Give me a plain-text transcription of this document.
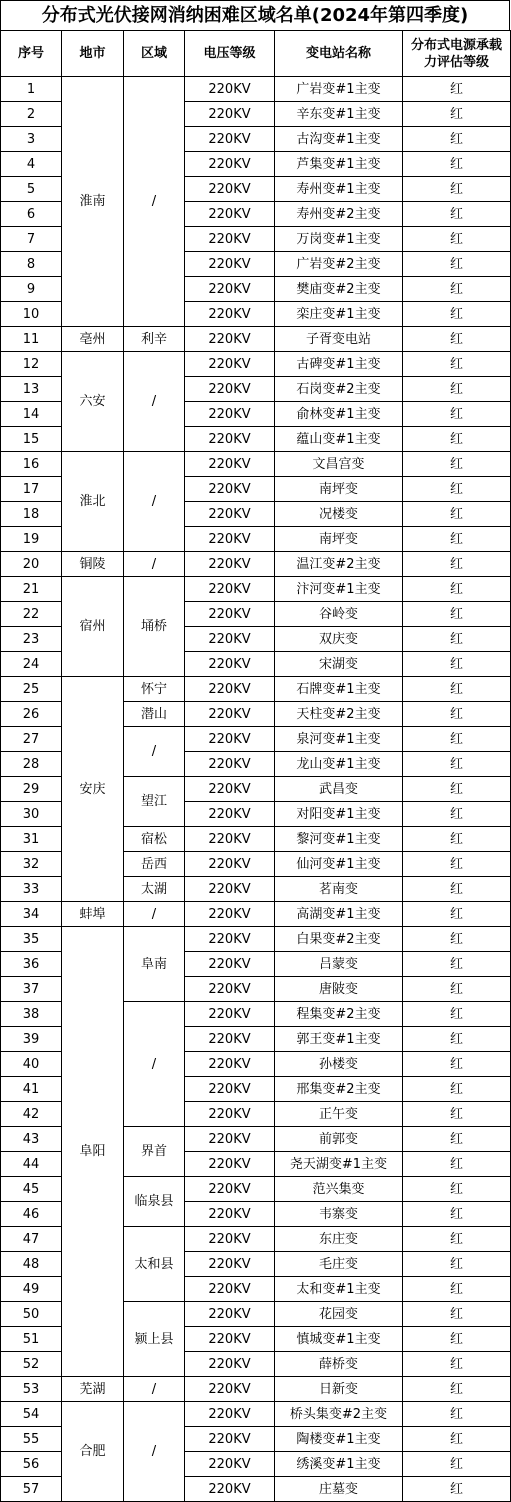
分布式光伏接网消纳困难区域名单(2024年第四季度)
序号	地市	区域	电压等级	变电站名称	分布式电源承载力评估等级
1	淮南	/	220KV	广岩变#1主变	红
2			220KV	辛东变#1主变	红
3			220KV	古沟变#1主变	红
4			220KV	芦集变#1主变	红
5			220KV	寿州变#1主变	红
6			220KV	寿州变#2主变	红
7			220KV	万岗变#1主变	红
8			220KV	广岩变#2主变	红
9			220KV	樊庙变#2主变	红
10			220KV	栾庄变#1主变	红
11	亳州	利辛	220KV	子胥变电站	红
12	六安	/	220KV	古碑变#1主变	红
13			220KV	石岗变#2主变	红
14			220KV	俞林变#1主变	红
15			220KV	蕴山变#1主变	红
16	淮北	/	220KV	文昌宫变	红
17			220KV	南坪变	红
18			220KV	况楼变	红
19			220KV	南坪变	红
20	铜陵	/	220KV	温江变#2主变	红
21	宿州	埇桥	220KV	汴河变#1主变	红
22			220KV	谷岭变	红
23			220KV	双庆变	红
24			220KV	宋湖变	红
25	安庆	怀宁	220KV	石牌变#1主变	红
26		潜山	220KV	天柱变#2主变	红
27		/	220KV	泉河变#1主变	红
28			220KV	龙山变#1主变	红
29		望江	220KV	武昌变	红
30			220KV	对阳变#1主变	红
31		宿松	220KV	黎河变#1主变	红
32		岳西	220KV	仙河变#1主变	红
33		太湖	220KV	茗南变	红
34	蚌埠	/	220KV	高湖变#1主变	红
35	阜阳	阜南	220KV	白果变#2主变	红
36			220KV	吕蒙变	红
37			220KV	唐陂变	红
38		/	220KV	程集变#2主变	红
39			220KV	郭王变#1主变	红
40			220KV	孙楼变	红
41			220KV	邢集变#2主变	红
42			220KV	正午变	红
43		界首	220KV	前郭变	红
44			220KV	尧天湖变#1主变	红
45		临泉县	220KV	范兴集变	红
46			220KV	韦寨变	红
47		太和县	220KV	东庄变	红
48			220KV	毛庄变	红
49			220KV	太和变#1主变	红
50		颍上县	220KV	花园变	红
51			220KV	慎城变#1主变	红
52			220KV	薛桥变	红
53	芜湖	/	220KV	日新变	红
54	合肥	/	220KV	桥头集变#2主变	红
55			220KV	陶楼变#1主变	红
56			220KV	绣溪变#1主变	红
57			220KV	庄墓变	红
